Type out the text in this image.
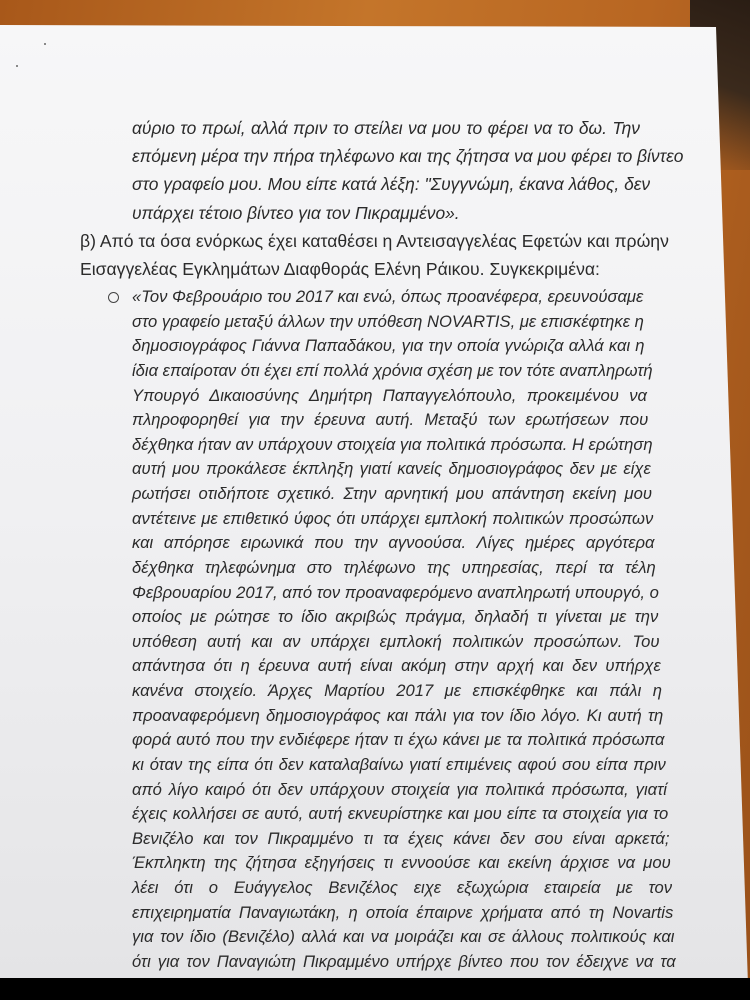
αύριο το πρωί, αλλά πριν το στείλει να μου το φέρει να το δω. Την
επόμενη μέρα την πήρα τηλέφωνο και της ζήτησα να μου φέρει το βίντεο
στο γραφείο μου. Μου είπε κατά λέξη: "Συγγνώμη, έκανα λάθος, δεν
υπάρχει τέτοιο βίντεο για τον Πικραμμένο».
β) Από τα όσα ενόρκως έχει καταθέσει η Αντεισαγγελέας Εφετών και πρώην
Εισαγγελέας Εγκλημάτων Διαφθοράς Ελένη Ράικου. Συγκεκριμένα:
«Τον Φεβρουάριο του 2017 και ενώ, όπως προανέφερα, ερευνούσαμε
στο γραφείο μεταξύ άλλων την υπόθεση NOVARTIS, με επισκέφτηκε η
δημοσιογράφος Γιάννα Παπαδάκου, για την οποία γνώριζα αλλά και η
ίδια επαίροταν ότι έχει επί πολλά χρόνια σχέση με τον τότε αναπληρωτή
Υπουργό Δικαιοσύνης Δημήτρη Παπαγγελόπουλο, προκειμένου να
πληροφορηθεί για την έρευνα αυτή. Μεταξύ των ερωτήσεων που
δέχθηκα ήταν αν υπάρχουν στοιχεία για πολιτικά πρόσωπα. Η ερώτηση
αυτή μου προκάλεσε έκπληξη γιατί κανείς δημοσιογράφος δεν με είχε
ρωτήσει οτιδήποτε σχετικό. Στην αρνητική μου απάντηση εκείνη μου
αντέτεινε με επιθετικό ύφος ότι υπάρχει εμπλοκή πολιτικών προσώπων
και απόρησε ειρωνικά που την αγνοούσα. Λίγες ημέρες αργότερα
δέχθηκα τηλεφώνημα στο τηλέφωνο της υπηρεσίας, περί τα τέλη
Φεβρουαρίου 2017, από τον προαναφερόμενο αναπληρωτή υπουργό, ο
οποίος με ρώτησε το ίδιο ακριβώς πράγμα, δηλαδή τι γίνεται με την
υπόθεση αυτή και αν υπάρχει εμπλοκή πολιτικών προσώπων. Του
απάντησα ότι η έρευνα αυτή είναι ακόμη στην αρχή και δεν υπήρχε
κανένα στοιχείο. Άρχες Μαρτίου 2017 με επισκέφθηκε και πάλι η
προαναφερόμενη δημοσιογράφος και πάλι για τον ίδιο λόγο. Κι αυτή τη
φορά αυτό που την ενδιέφερε ήταν τι έχω κάνει με τα πολιτικά πρόσωπα
κι όταν της είπα ότι δεν καταλαβαίνω γιατί επιμένεις αφού σου είπα πριν
από λίγο καιρό ότι δεν υπάρχουν στοιχεία για πολιτικά πρόσωπα, γιατί
έχεις κολλήσει σε αυτό, αυτή εκνευρίστηκε και μου είπε τα στοιχεία για το
Βενιζέλο και τον Πικραμμένο τι τα έχεις κάνει δεν σου είναι αρκετά;
Έκπληκτη της ζήτησα εξηγήσεις τι εννοούσε και εκείνη άρχισε να μου
λέει ότι ο Ευάγγελος Βενιζέλος ειχε εξωχώρια εταιρεία με τον
επιχειρηματία Παναγιωτάκη, η οποία έπαιρνε χρήματα από τη Novartis
για τον ίδιο (Βενιζέλο) αλλά και να μοιράζει και σε άλλους πολιτικούς και
ότι για τον Παναγιώτη Πικραμμένο υπήρχε βίντεο που τον έδειχνε να τα
